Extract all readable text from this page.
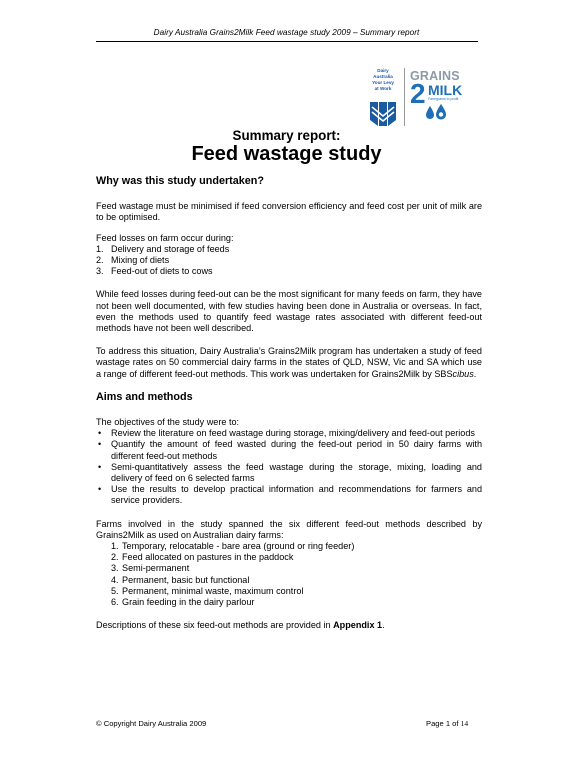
Dairy Australia Grains2Milk Feed wastage study 2009 – Summary report
Dairy
Australia
Your Levy
at Work
GRAINS
2 MILK
Farmgrains to profit
Summary report:
Feed wastage study
Why was this study undertaken?

Feed wastage must be minimised if feed conversion efficiency and feed cost per unit of milk are to be optimised.

Feed losses on farm occur during:

1. Delivery and storage of feeds
2. Mixing of diets
3. Feed-out of diets to cows

While feed losses during feed-out can be the most significant for many feeds on farm, they have not been well documented, with few studies having been done in Australia or overseas. In fact, even the methods used to quantify feed wastage rates associated with different feed-out methods have not been well described.

To address this situation, Dairy Australia’s Grains2Milk program has undertaken a study of feed wastage rates on 50 commercial dairy farms in the states of QLD, NSW, Vic and SA which use a range of different feed-out methods. This work was undertaken for Grains2Milk by SBScibus.

Aims and methods

The objectives of the study were to:

• Review the literature on feed wastage during storage, mixing/delivery and feed-out periods
• Quantify the amount of feed wasted during the feed-out period in 50 dairy farms with different feed-out methods
• Semi-quantitatively assess the feed wastage during the storage, mixing, loading and delivery of feed on 6 selected farms
• Use the results to develop practical information and recommendations for farmers and service providers.

Farms involved in the study spanned the six different feed-out methods described by Grains2Milk as used on Australian dairy farms:

1. Temporary, relocatable - bare area (ground or ring feeder)
2. Feed allocated on pastures in the paddock
3. Semi-permanent
4. Permanent, basic but functional
5. Permanent, minimal waste, maximum control
6. Grain feeding in the dairy parlour

Descriptions of these six feed-out methods are provided in Appendix 1.

© Copyright Dairy Australia 2009	Page 1 of 14
